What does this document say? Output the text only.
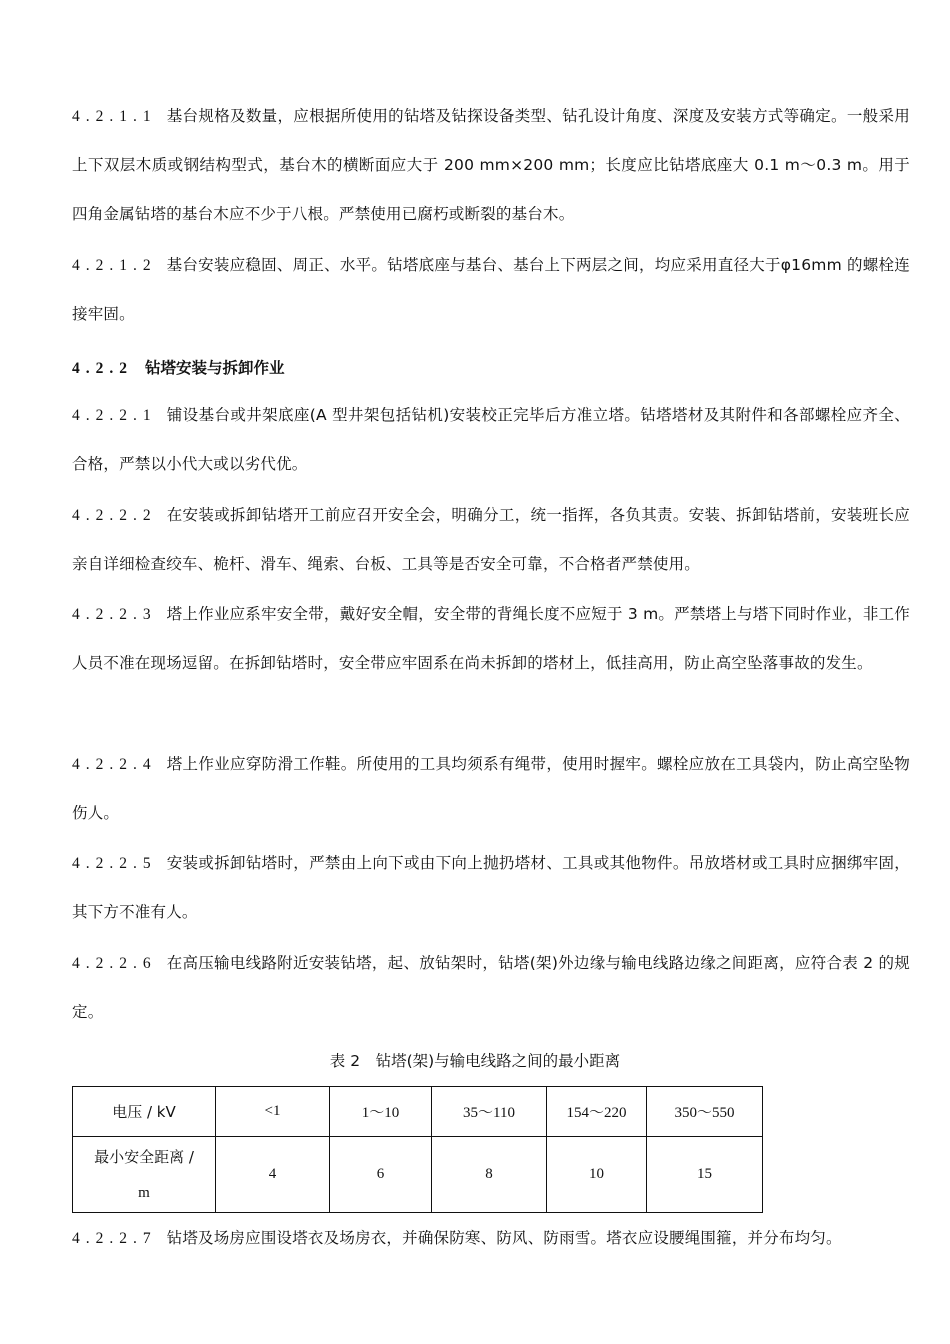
4.2.1.1 基台规格及数量，应根据所使用的钻塔及钻探设备类型、钻孔设计角度、深度及安装方式等确定。一般采用上下双层木质或钢结构型式，基台木的横断面应大于 200 mm×200 mm；长度应比钻塔底座大 0.1 m～0.3 m。用于四角金属钻塔的基台木应不少于八根。严禁使用已腐朽或断裂的基台木。
4.2.1.2 基台安装应稳固、周正、水平。钻塔底座与基台、基台上下两层之间，均应采用直径大于φ16mm 的螺栓连接牢固。
4.2.2 钻塔安装与拆卸作业
4.2.2.1 铺设基台或井架底座(A 型井架包括钻机)安装校正完毕后方准立塔。钻塔塔材及其附件和各部螺栓应齐全、合格，严禁以小代大或以劣代优。
4.2.2.2 在安装或拆卸钻塔开工前应召开安全会，明确分工，统一指挥，各负其责。安装、拆卸钻塔前，安装班长应亲自详细检查绞车、桅杆、滑车、绳索、台板、工具等是否安全可靠，不合格者严禁使用。
4.2.2.3 塔上作业应系牢安全带，戴好安全帽，安全带的背绳长度不应短于 3 m。严禁塔上与塔下同时作业，非工作人员不准在现场逗留。在拆卸钻塔时，安全带应牢固系在尚未拆卸的塔材上，低挂高用，防止高空坠落事故的发生。
4.2.2.4 塔上作业应穿防滑工作鞋。所使用的工具均须系有绳带，使用时握牢。螺栓应放在工具袋内，防止高空坠物伤人。
4.2.2.5 安装或拆卸钻塔时，严禁由上向下或由下向上抛扔塔材、工具或其他物件。吊放塔材或工具时应捆绑牢固，其下方不准有人。
4.2.2.6 在高压输电线路附近安装钻塔，起、放钻架时，钻塔(架)外边缘与输电线路边缘之间距离，应符合表 2 的规定。
表 2　钻塔(架)与输电线路之间的最小距离
电压 / kV	<1	1～10	35～110	154～220	350～550

最小安全距离 /
m	4	6	8	10	15
4.2.2.7 钻塔及场房应围设塔衣及场房衣，并确保防寒、防风、防雨雪。塔衣应设腰绳围箍，并分布均匀。
